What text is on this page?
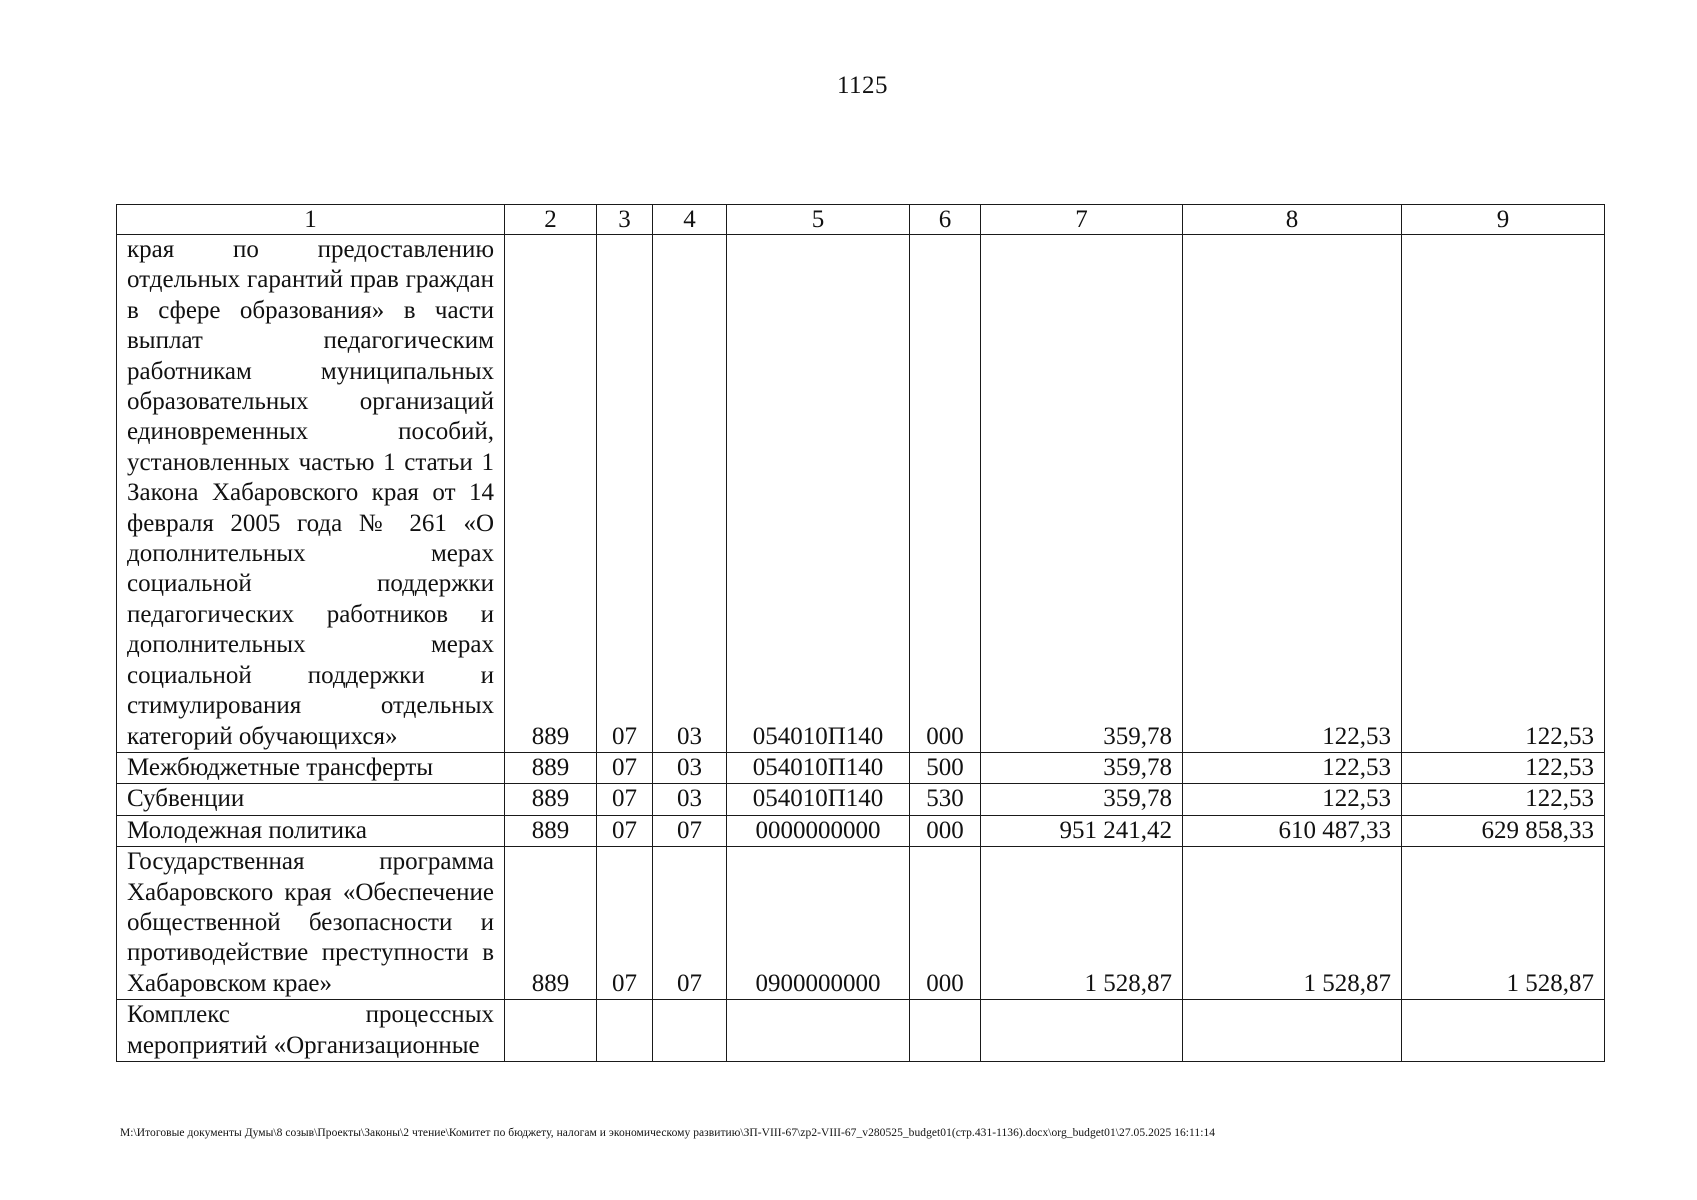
1125
1	2	3	4	5	6	7	8	9
края по предоставлению отдельных гарантий прав граждан в сфере образования» в части выплат педагогическим работникам муниципальных образовательных организаций единовременных пособий, установленных частью 1 статьи 1 Закона Хабаровского края от 14 февраля 2005 года № 261 «О дополнительных мерах социальной поддержки педагогических работников и дополнительных мерах социальной поддержки и стимулирования отдельных категорий обучающихся»	889	07	03	054010П140	000	359,78	122,53	122,53
Межбюджетные трансферты	889	07	03	054010П140	500	359,78	122,53	122,53
Субвенции	889	07	03	054010П140	530	359,78	122,53	122,53
Молодежная политика	889	07	07	0000000000	000	951 241,42	610 487,33	629 858,33
Государственная программа Хабаровского края «Обеспечение общественной безопасности и противодействие преступности в Хабаровском крае»	889	07	07	0900000000	000	1 528,87	1 528,87	1 528,87
Комплекс процессных мероприятий «Организационные								
M:\Итоговые документы Думы\8 созыв\Проекты\Законы\2 чтение\Комитет по бюджету, налогам и экономическому развитию\ЗП-VIII-67\zp2-VIII-67_v280525_budget01(стр.431-1136).docx\org_budget01\27.05.2025 16:11:14
